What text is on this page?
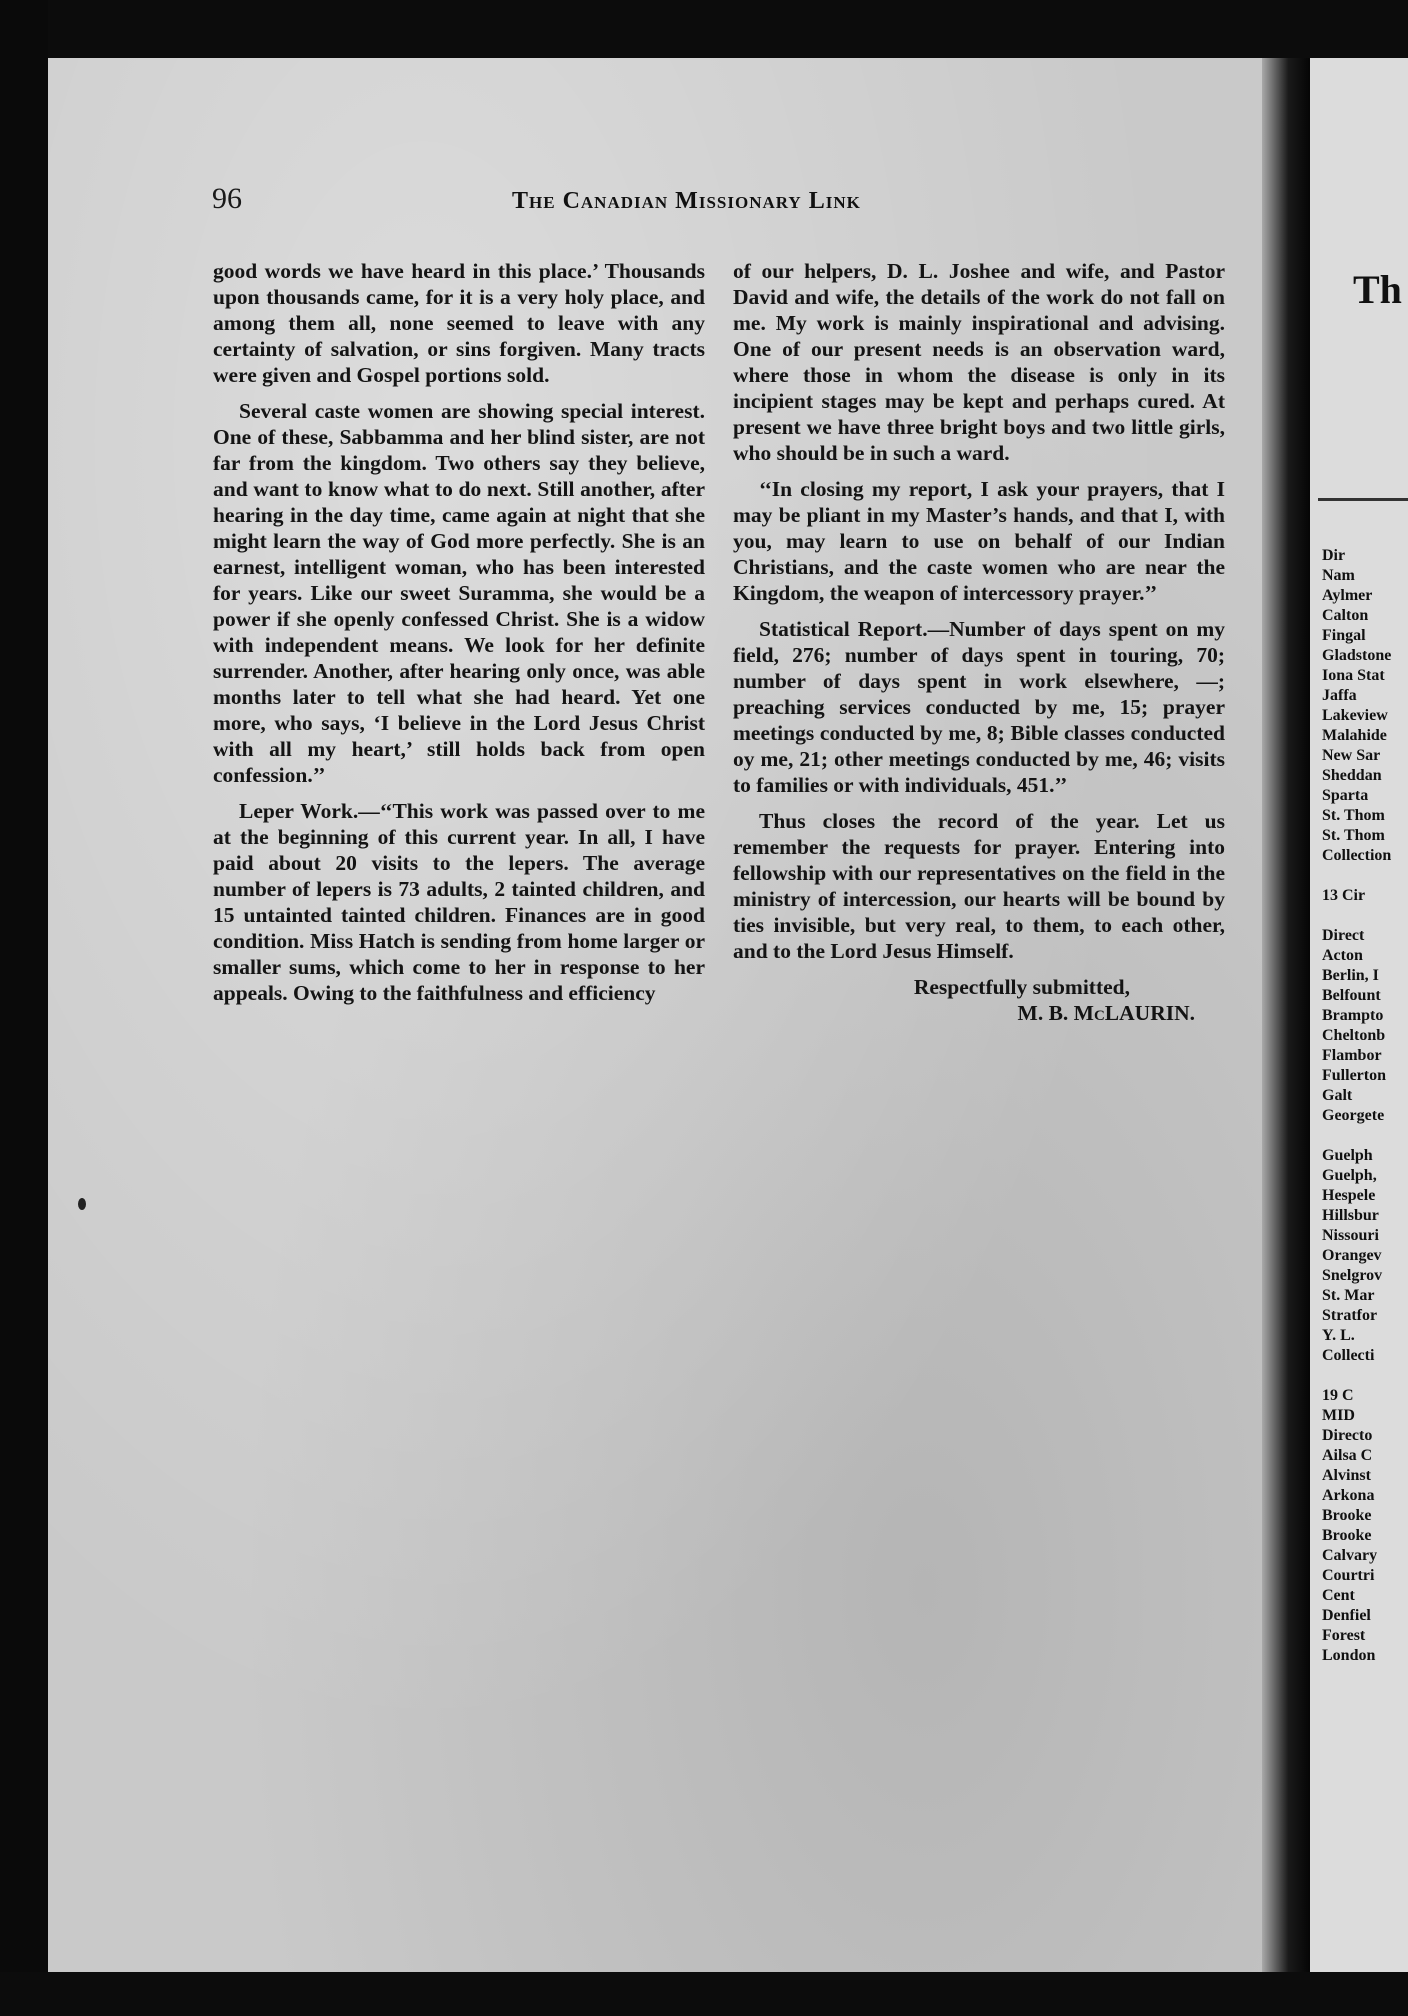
96	The Canadian Missionary Link

good words we have heard in this place.’ Thousands upon thousands came, for it is a very holy place, and among them all, none seemed to leave with any certainty of salvation, or sins forgiven. Many tracts were given and Gospel portions sold.

Several caste women are showing special interest. One of these, Sabbamma and her blind sister, are not far from the kingdom. Two others say they believe, and want to know what to do next. Still another, after hearing in the day time, came again at night that she might learn the way of God more perfectly. She is an earnest, intelligent woman, who has been interested for years. Like our sweet Suramma, she would be a power if she openly confessed Christ. She is a widow with independent means. We look for her definite surrender. Another, after hearing only once, was able months later to tell what she had heard. Yet one more, who says, ‘I believe in the Lord Jesus Christ with all my heart,’ still holds back from open confession.’’

Leper Work.—‘‘This work was passed over to me at the beginning of this current year. In all, I have paid about 20 visits to the lepers. The average number of lepers is 73 adults, 2 tainted children, and 15 untainted tainted children. Finances are in good condition. Miss Hatch is sending from home larger or smaller sums, which come to her in response to her appeals. Owing to the faithfulness and efficiency

of our helpers, D. L. Joshee and wife, and Pastor David and wife, the details of the work do not fall on me. My work is mainly inspirational and advising. One of our present needs is an observation ward, where those in whom the disease is only in its incipient stages may be kept and perhaps cured. At present we have three bright boys and two little girls, who should be in such a ward.

‘‘In closing my report, I ask your prayers, that I may be pliant in my Master’s hands, and that I, with you, may learn to use on behalf of our Indian Christians, and the caste women who are near the Kingdom, the weapon of intercessory prayer.’’

Statistical Report.—Number of days spent on my field, 276; number of days spent in touring, 70; number of days spent in work elsewhere, —; preaching services conducted by me, 15; prayer meetings conducted by me, 8; Bible classes conducted oy me, 21; other meetings conducted by me, 46; visits to families or with individuals, 451.’’

Thus closes the record of the year. Let us remember the requests for prayer. Entering into fellowship with our representatives on the field in the ministry of intercession, our hearts will be bound by ties invisible, but very real, to them, to each other, and to the Lord Jesus Himself.

Respectfully submitted,
M. B. McLAURIN.
Th
Dir
Nam
Aylmer
Calton
Fingal
Gladstone
Iona Stat
Jaffa
Lakeview
Malahide
New Sar
Sheddan
Sparta
St. Thom
St. Thom
Collection
13 Cir
Direct
Acton
Berlin, I
Belfount
Brampto
Cheltonb
Flambor
Fullerton
Galt
Georgete
Guelph
Guelph,
Hespele
Hillsbur
Nissouri
Orangev
Snelgrov
St. Mar
Stratfor
Y. L.
Collecti
19 C
MID
Directo
Ailsa C
Alvinst
Arkona
Brooke
Brooke
Calvary
Courtri
Cent
Denfiel
Forest
London
